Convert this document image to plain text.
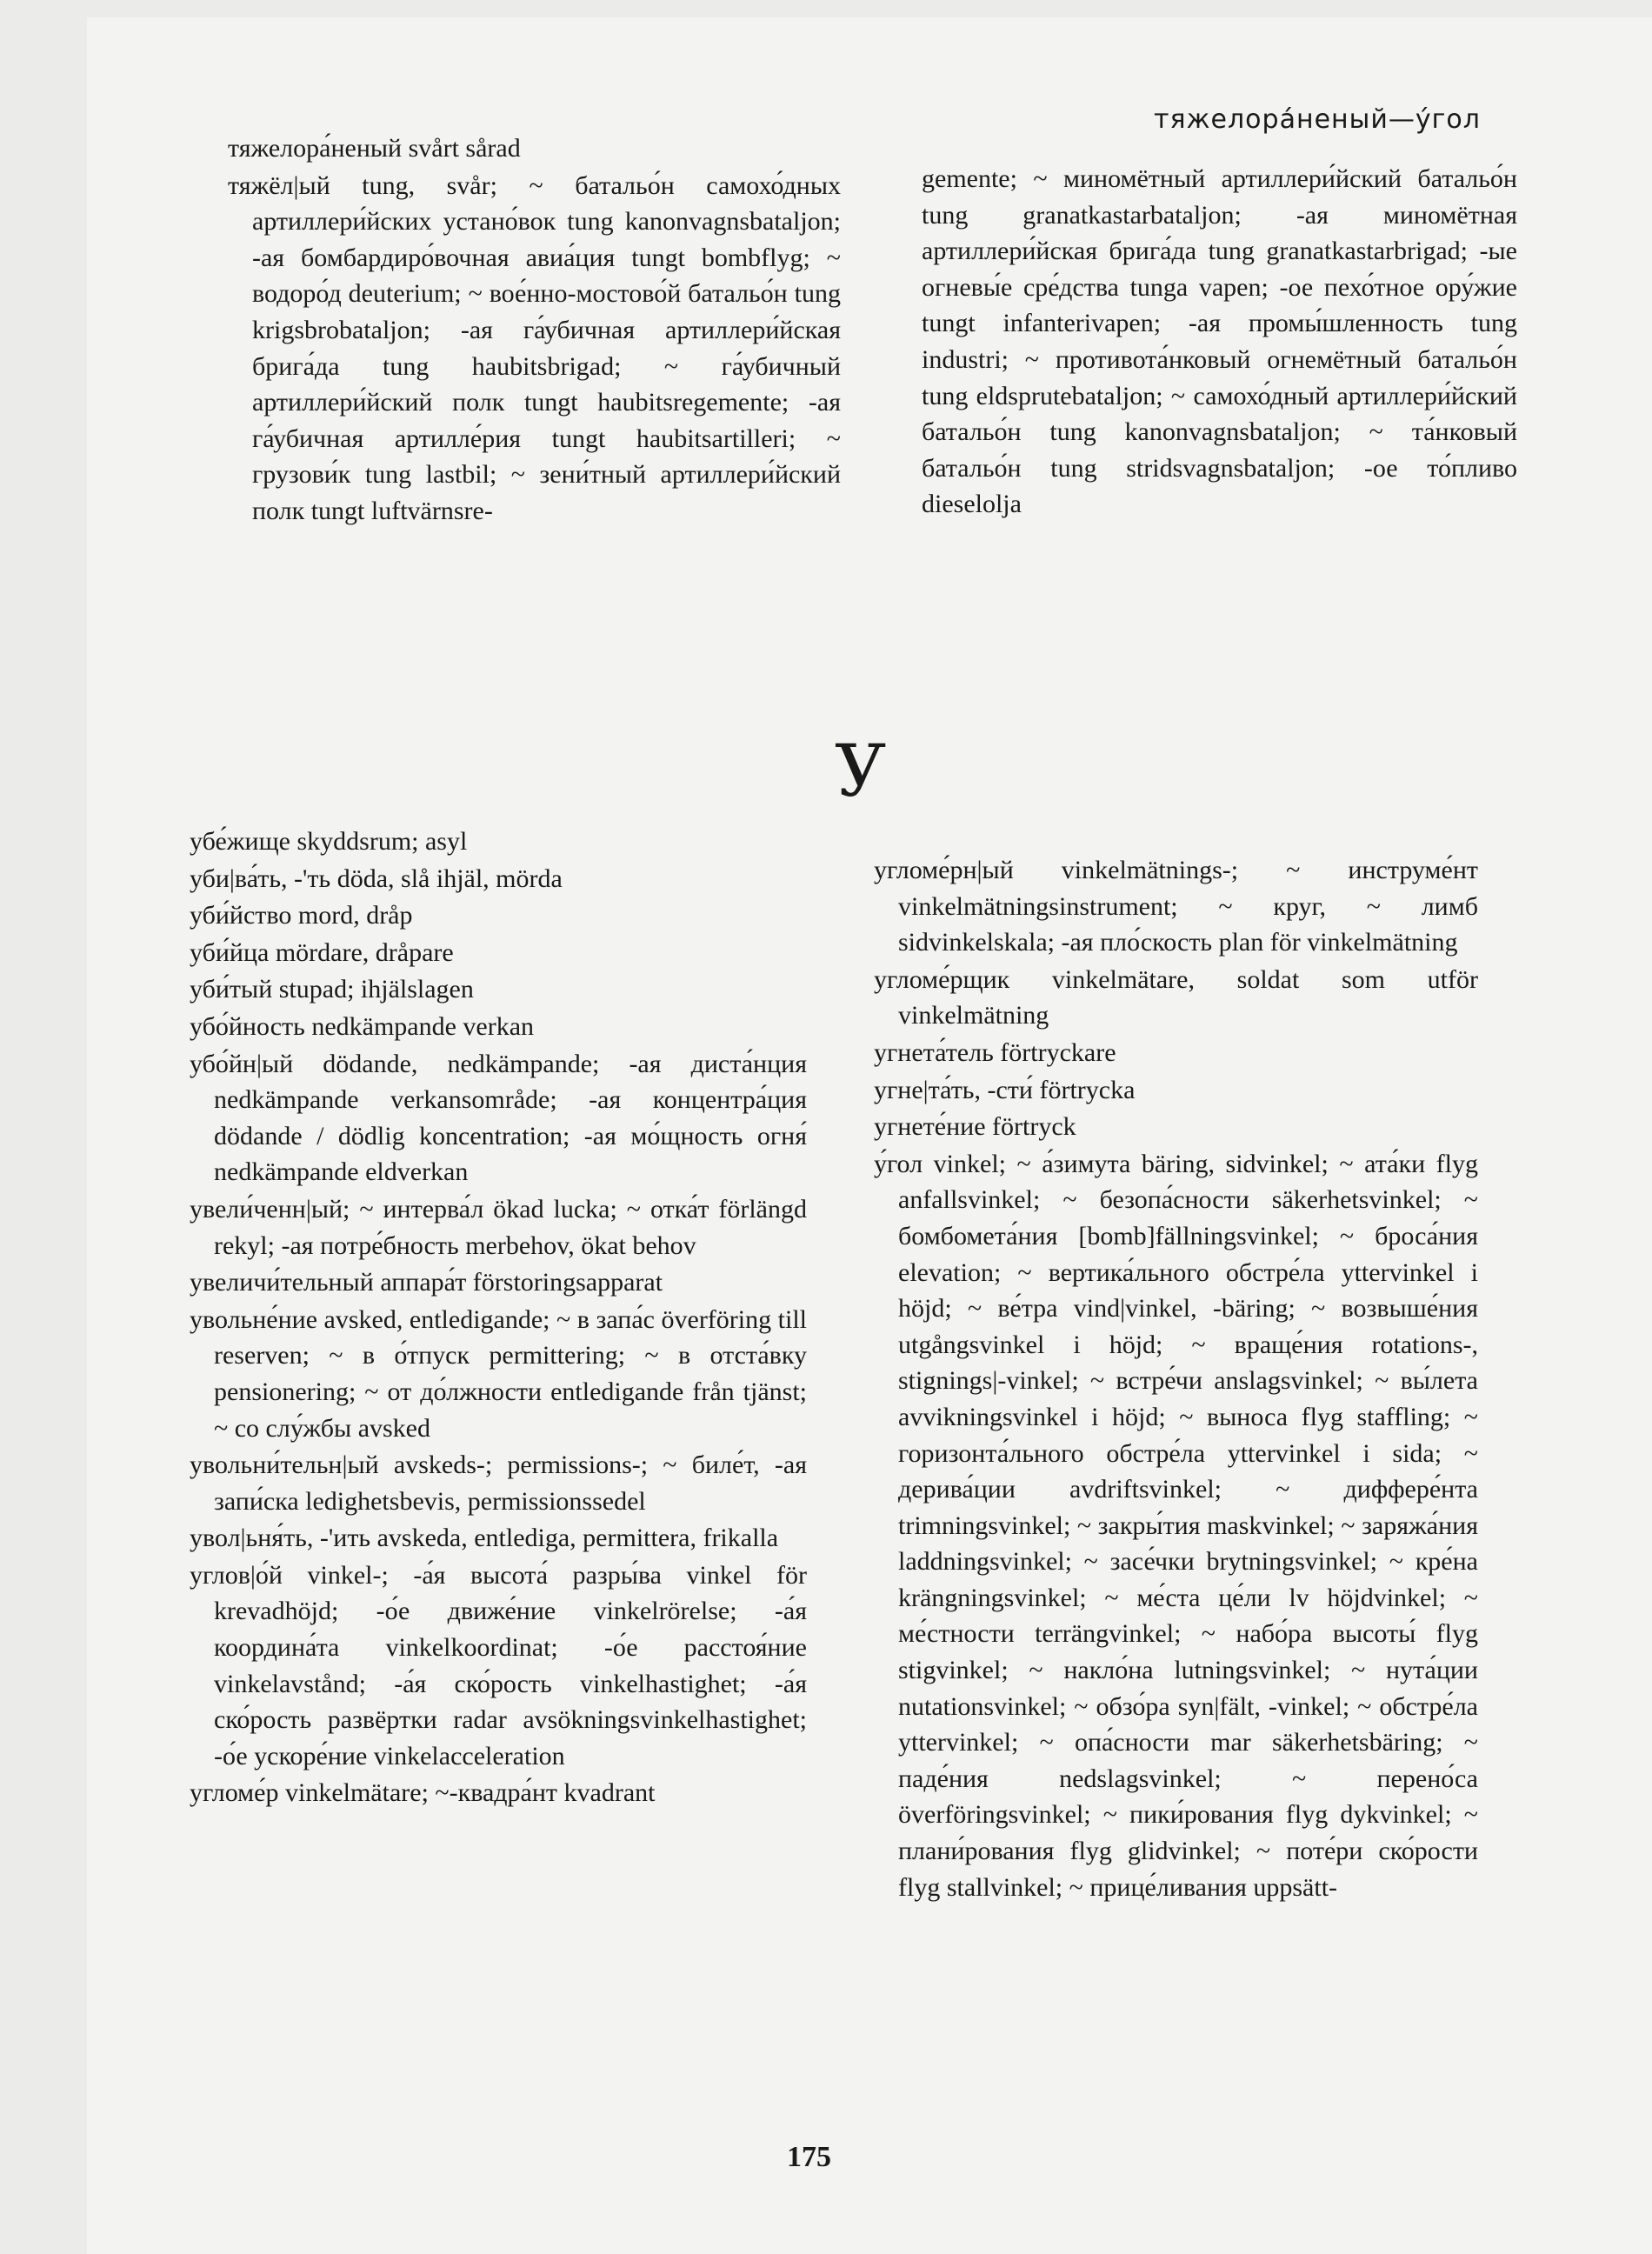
тяжелора́неный—у́гол

тяжелора́неный svårt sårad

тяжёл|ый tung, svår; ~ батальо́н самохо́дных артиллери́йских устано́вок tung kanonvagnsbataljon; -ая бомбардиро́вочная авиа́ция tungt bombflyg; ~ водоро́д deuterium; ~ вое́нно-мостово́й батальо́н tung krigsbrobataljon; -ая га́убичная артиллери́йская брига́да tung haubitsbrigad; ~ га́убичный артиллери́йский полк tungt haubitsregemente; -ая га́убичная артилле́рия tungt haubitsartilleri; ~ грузови́к tung lastbil; ~ зени́тный артиллери́йский полк tungt luftvärnsre-

gemente; ~ миномётный артиллери́йский батальо́н tung granatkastarbataljon; -ая миномётная артиллери́йская брига́да tung granatkastarbrigad; -ые огневы́е сре́дства tunga vapen; -ое пехо́тное ору́жие tungt infanterivapen; -ая промы́шленность tung industri; ~ противота́нковый огнемётный батальо́н tung eldsprutebataljon; ~ самохо́дный артиллери́йский батальо́н tung kanonvagnsbataljon; ~ та́нковый батальо́н tung stridsvagnsbataljon; -ое то́пливо dieselolja

У

убе́жище skyddsrum; asyl

уби|ва́ть, -'ть döda, slå ihjäl, mörda

уби́йство mord, dråp

уби́йца mördare, dråpare

уби́тый stupad; ihjälslagen

убо́йность nedkämpande verkan

убо́йн|ый dödande, nedkämpande; -ая диста́нция nedkämpande verkansområde; -ая концентра́ция dödande / dödlig koncentration; -ая мо́щность огня́ nedkämpande eldverkan

увели́ченн|ый; ~ интерва́л ökad lucka; ~ отка́т förlängd rekyl; -ая потре́бность merbehov, ökat behov

увеличи́тельный аппара́т förstoringsapparat

увольне́ние avsked, entledigande; ~ в запа́с överföring till reserven; ~ в о́тпуск permittering; ~ в отста́вку pensionering; ~ от до́лжности entledigande från tjänst; ~ со слу́жбы avsked

увольни́тельн|ый avskeds-; permissions-; ~ биле́т, -ая запи́ска ledighetsbevis, permissionssedel

увол|ьня́ть, -'ить avskeda, entlediga, permittera, frikalla

углов|о́й vinkel-; -а́я высота́ разры́ва vinkel för krevadhöjd; -о́е движе́ние vinkelrörelse; -а́я координа́та vinkelkoordinat; -о́е расстоя́ние vinkelavstånd; -а́я ско́рость vinkelhastighet; -а́я ско́рость развёртки radar avsökningsvinkelhastighet; -о́е ускоре́ние vinkelacceleration

угломе́р vinkelmätare; ~-квадра́нт kvadrant

угломе́рн|ый vinkelmätnings-; ~ инструме́нт vinkelmätningsinstrument; ~ круг, ~ лимб sidvinkelskala; -ая пло́скость plan för vinkelmätning

угломе́рщик vinkelmätare, soldat som utför vinkelmätning

угнета́тель förtryckare

угне|та́ть, -сти́ förtrycka

угнете́ние förtryck

у́гол vinkel; ~ а́зимута bäring, sidvinkel; ~ ата́ки flyg anfallsvinkel; ~ безопа́сности säkerhetsvinkel; ~ бомбомета́ния [bomb]fällningsvinkel; ~ броса́ния elevation; ~ вертика́льного обстре́ла yttervinkel i höjd; ~ ве́тра vind|vinkel, -bäring; ~ возвыше́ния utgångsvinkel i höjd; ~ враще́ния rotations-, stignings|-vinkel; ~ встре́чи anslagsvinkel; ~ вы́лета avvikningsvinkel i höjd; ~ выноса flyg staffling; ~ горизонта́льного обстре́ла yttervinkel i sida; ~ дерива́ции avdriftsvinkel; ~ диффере́нта trimningsvinkel; ~ закры́тия maskvinkel; ~ заряжа́ния laddningsvinkel; ~ засе́чки brytningsvinkel; ~ кре́на krängningsvinkel; ~ ме́ста це́ли lv höjdvinkel; ~ ме́стности terrängvinkel; ~ набо́ра высоты́ flyg stigvinkel; ~ накло́на lutningsvinkel; ~ нута́ции nutationsvinkel; ~ обзо́ра syn|fält, -vinkel; ~ обстре́ла yttervinkel; ~ опа́сности mar säkerhetsbäring; ~ паде́ния nedslagsvinkel; ~ перено́са överföringsvinkel; ~ пики́рования flyg dykvinkel; ~ плани́рования flyg glidvinkel; ~ поте́ри ско́рости flyg stallvinkel; ~ прице́ливания uppsätt-

175
